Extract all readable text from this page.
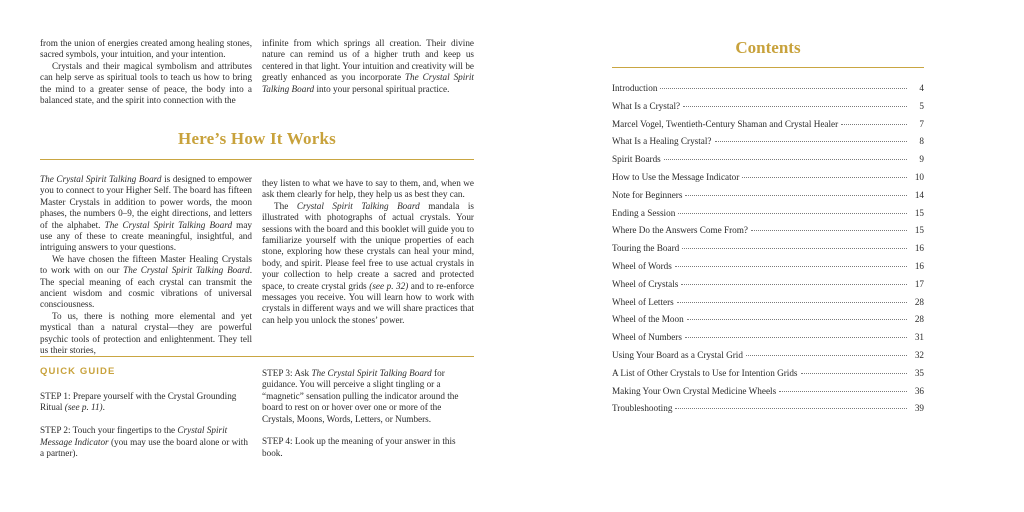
from the union of energies created among healing stones, sacred symbols, your intuition, and your intention.

Crystals and their magical symbolism and attributes can help serve as spiritual tools to teach us how to bring the mind to a greater sense of peace, the body into a balanced state, and the spirit into connection with the

infinite from which springs all creation. Their divine nature can remind us of a higher truth and keep us centered in that light. Your intuition and creativity will be greatly enhanced as you incorporate The Crystal Spirit Talking Board into your personal spiritual practice.

Here’s How It Works

The Crystal Spirit Talking Board is designed to empower you to connect to your Higher Self. The board has fifteen Master Crystals in addition to power words, the moon phases, the numbers 0–9, the eight directions, and letters of the alphabet. The Crystal Spirit Talking Board may use any of these to create meaningful, insightful, and intriguing answers to your questions.

We have chosen the fifteen Master Healing Crystals to work with on our The Crystal Spirit Talking Board. The special meaning of each crystal can transmit the ancient wisdom and cosmic vibrations of universal consciousness.

To us, there is nothing more elemental and yet mystical than a natural crystal—they are powerful psychic tools of protection and enlightenment. They tell us their stories,

they listen to what we have to say to them, and, when we ask them clearly for help, they help us as best they can.

The Crystal Spirit Talking Board mandala is illustrated with photographs of actual crystals. Your sessions with the board and this booklet will guide you to familiarize yourself with the unique properties of each stone, exploring how these crystals can heal your mind, body, and spirit. Please feel free to use actual crystals in your collection to help create a sacred and protected space, to create crystal grids (see p. 32) and to re-enforce messages you receive. You will learn how to work with crystals in different ways and we will share practices that can help you unlock the stones’ power.

QUICK GUIDE

STEP 1: Prepare yourself with the Crystal Grounding Ritual (see p. 11).

STEP 2: Touch your fingertips to the Crystal Spirit Message Indicator (you may use the board alone or with a partner).

STEP 3: Ask The Crystal Spirit Talking Board for guidance. You will perceive a slight tingling or a “magnetic” sensation pulling the indicator around the board to rest on or hover over one or more of the Crystals, Moons, Words, Letters, or Numbers.

STEP 4: Look up the meaning of your answer in this book.

Contents
Introduction	4
What Is a Crystal?	5
Marcel Vogel, Twentieth-Century Shaman and Crystal Healer	7
What Is a Healing Crystal?	8
Spirit Boards	9
How to Use the Message Indicator	10
Note for Beginners	14
Ending a Session	15
Where Do the Answers Come From?	15
Touring the Board	16
Wheel of Words	16
Wheel of Crystals	17
Wheel of Letters	28
Wheel of the Moon	28
Wheel of Numbers	31
Using Your Board as a Crystal Grid	32
A List of Other Crystals to Use for Intention Grids	35
Making Your Own Crystal Medicine Wheels	36
Troubleshooting	39
